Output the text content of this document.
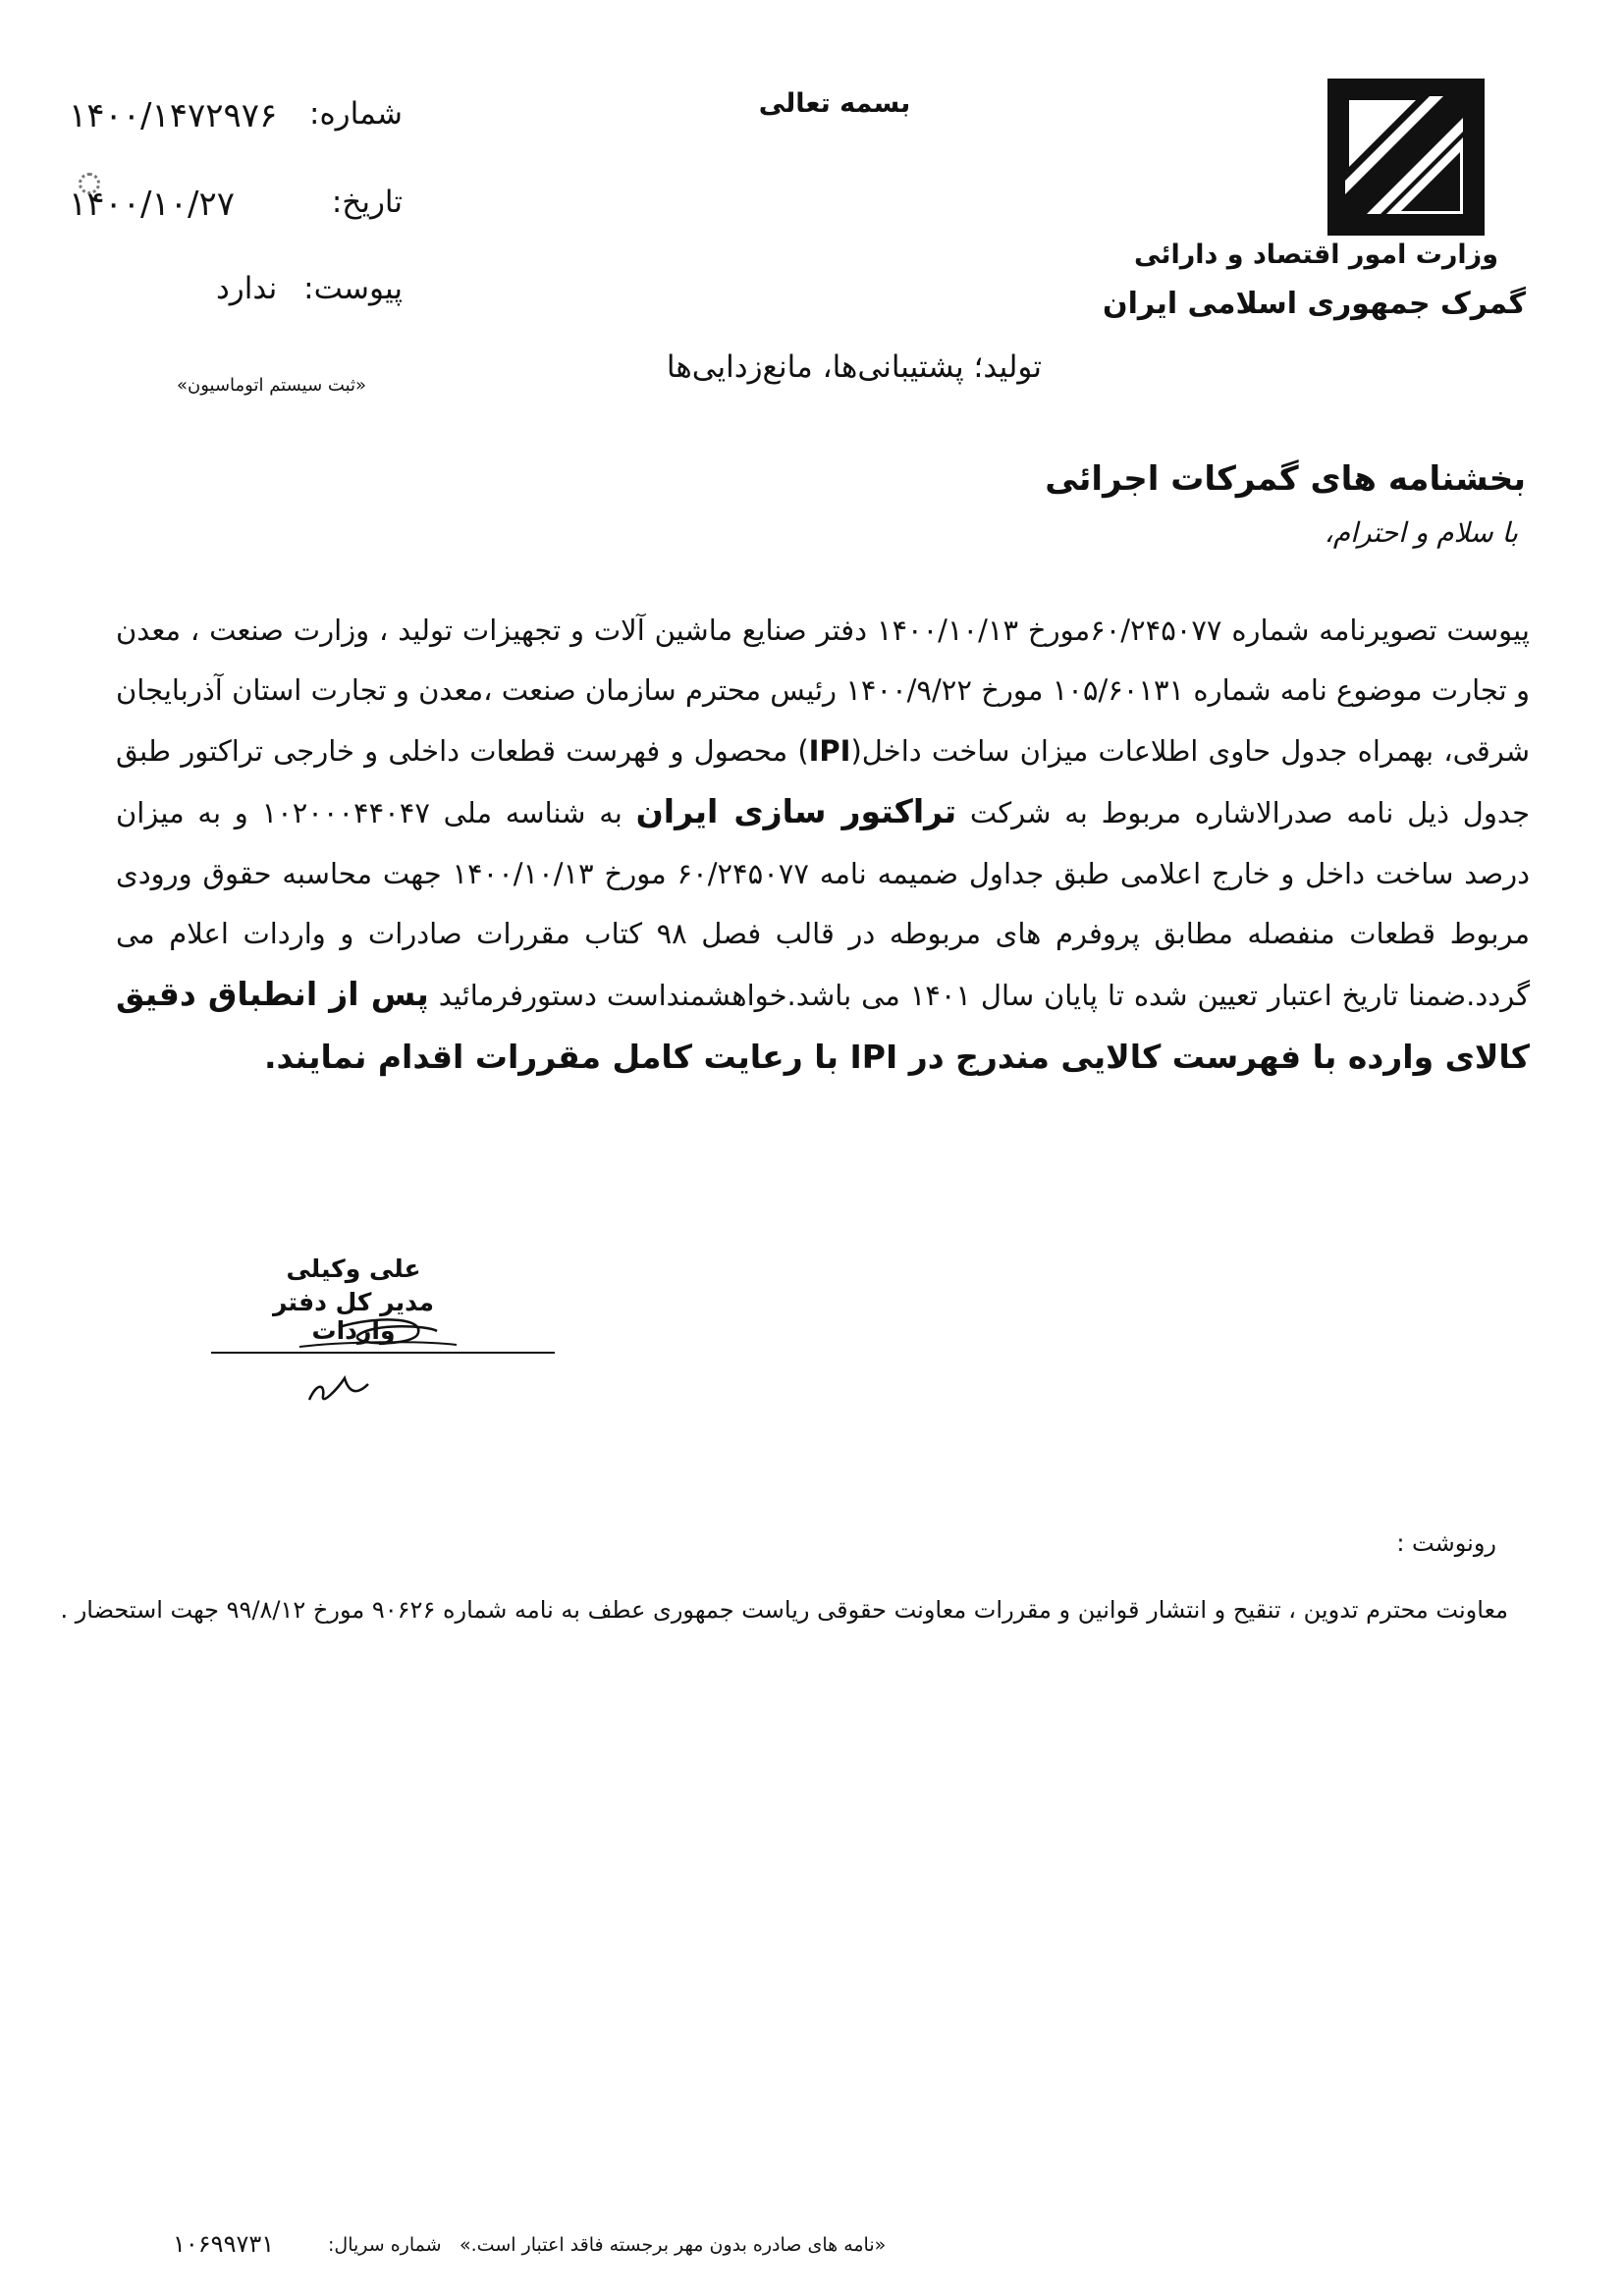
وزارت امور اقتصاد و دارائی
گمرک جمهوری اسلامی ایران
بسمه تعالی
تولید؛ پشتیبانی‌ها، مانع‌زدایی‌ها
شماره:
۱۴۰۰/۱۴۷۲۹۷۶
تاریخ:
۱۴۰۰/۱۰/۲۷
پیوست:
ندارد
«ثبت سیستم اتوماسیون»
بخشنامه های گمرکات اجرائی
با سلام و احترام،
پیوست تصویرنامه شماره ۶۰/۲۴۵۰۷۷مورخ ۱۴۰۰/۱۰/۱۳ دفتر صنایع ماشین آلات و تجهیزات تولید ، وزارت صنعت ، معدن و تجارت موضوع نامه شماره ۱۰۵/۶۰۱۳۱ مورخ ۱۴۰۰/۹/۲۲ رئیس محترم سازمان صنعت ،معدن و تجارت استان آذربایجان شرقی، بهمراه جدول حاوی اطلاعات میزان ساخت داخل(IPI) محصول و فهرست قطعات داخلی و خارجی تراکتور طبق جدول ذیل نامه صدرالاشاره مربوط به شرکت تراکتور سازی ایران به شناسه ملی ۱۰۲۰۰۰۴۴۰۴۷ و به میزان درصد ساخت داخل و خارج اعلامی طبق جداول ضمیمه نامه ۶۰/۲۴۵۰۷۷ مورخ ۱۴۰۰/۱۰/۱۳ جهت محاسبه حقوق ورودی مربوط قطعات منفصله مطابق پروفرم های مربوطه در قالب فصل ۹۸ کتاب مقررات صادرات و واردات اعلام می گردد.ضمنا تاریخ اعتبار تعیین شده تا پایان سال ۱۴۰۱ می باشد.خواهشمنداست دستورفرمائید پس از انطباق دقیق کالای وارده با فهرست کالایی مندرج در IPI با رعایت کامل مقررات اقدام نمایند.
علی وکیلی
مدیر کل دفتر واردات
رونوشت :
معاونت محترم تدوین ، تنقیح و انتشار قوانین و مقررات معاونت حقوقی ریاست جمهوری عطف به نامه شماره ۹۰۶۲۶ مورخ ۹۹/۸/۱۲ جهت استحضار .
«نامه های صادره بدون مهر برجسته فاقد اعتبار است.»
شماره سریال:
۱۰۶۹۹۷۳۱
